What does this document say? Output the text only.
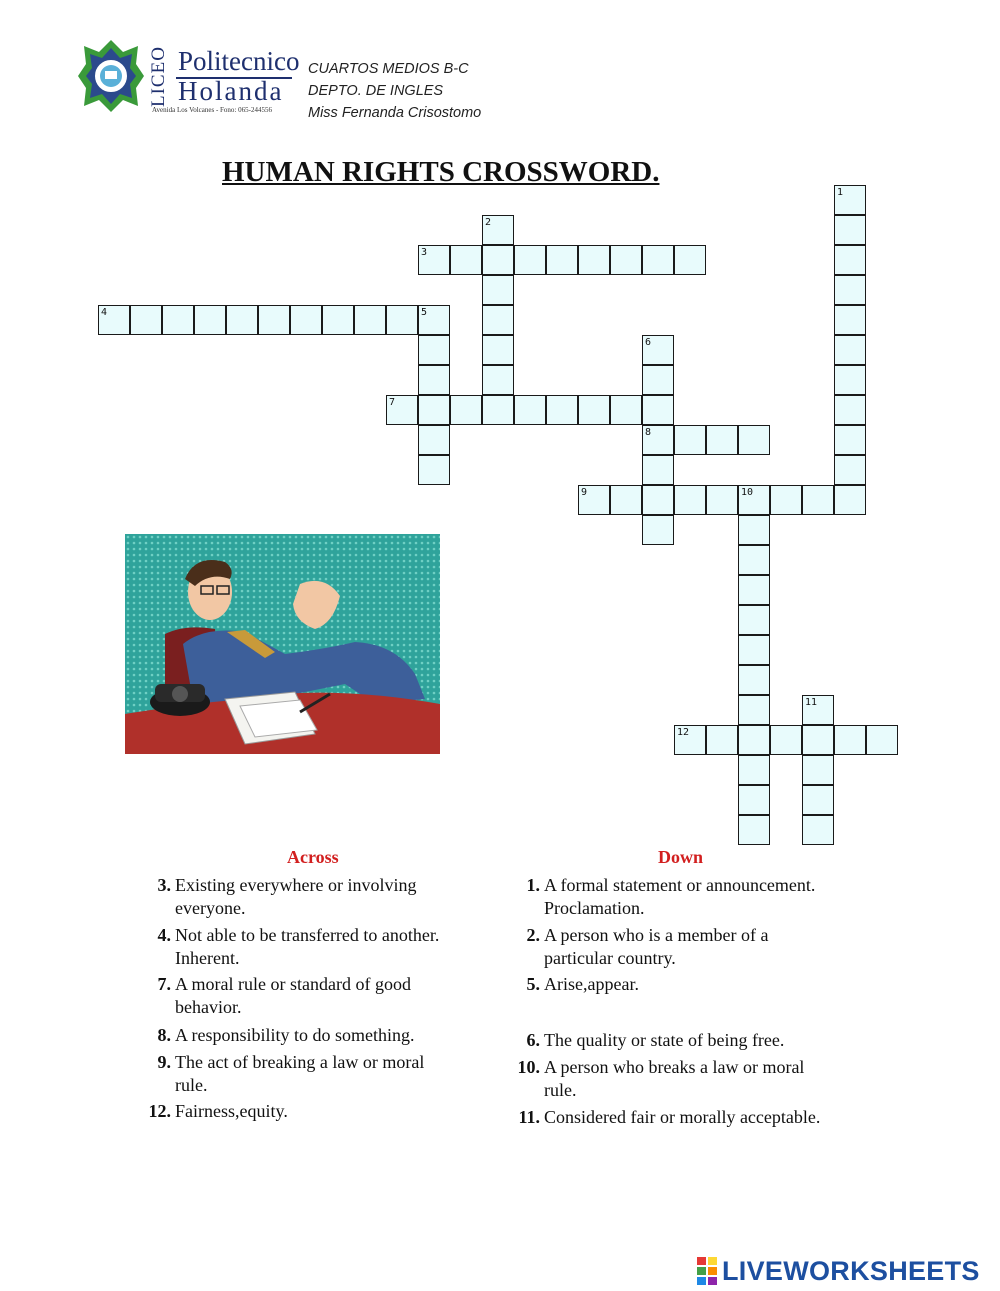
LICEO Politecnico
Holanda
Avenida Los Volcanes - Fono: 065-244556
CUARTOS MEDIOS B-C
DEPTO. DE INGLES
Miss Fernanda Crisostomo
HUMAN RIGHTS CROSSWORD.
1
2
3
4	5
6
8
7
9	10
11
12
Across
3. Existing everywhere or involving
everyone.
4. Not able to be transferred to another.
Inherent.
7. A moral rule or standard of good
behavior.
8. A responsibility to do something.
9. The act of breaking a law or moral
rule.
12. Fairness,equity.
Down
1. A formal statement or announcement.
Proclamation.
2. A person who is a member of a
particular country.
5. Arise,appear.
6. The quality or state of being free.
10. A person who breaks a law or moral
rule.
11. Considered fair or morally acceptable.
LIVEWORKSHEETS
